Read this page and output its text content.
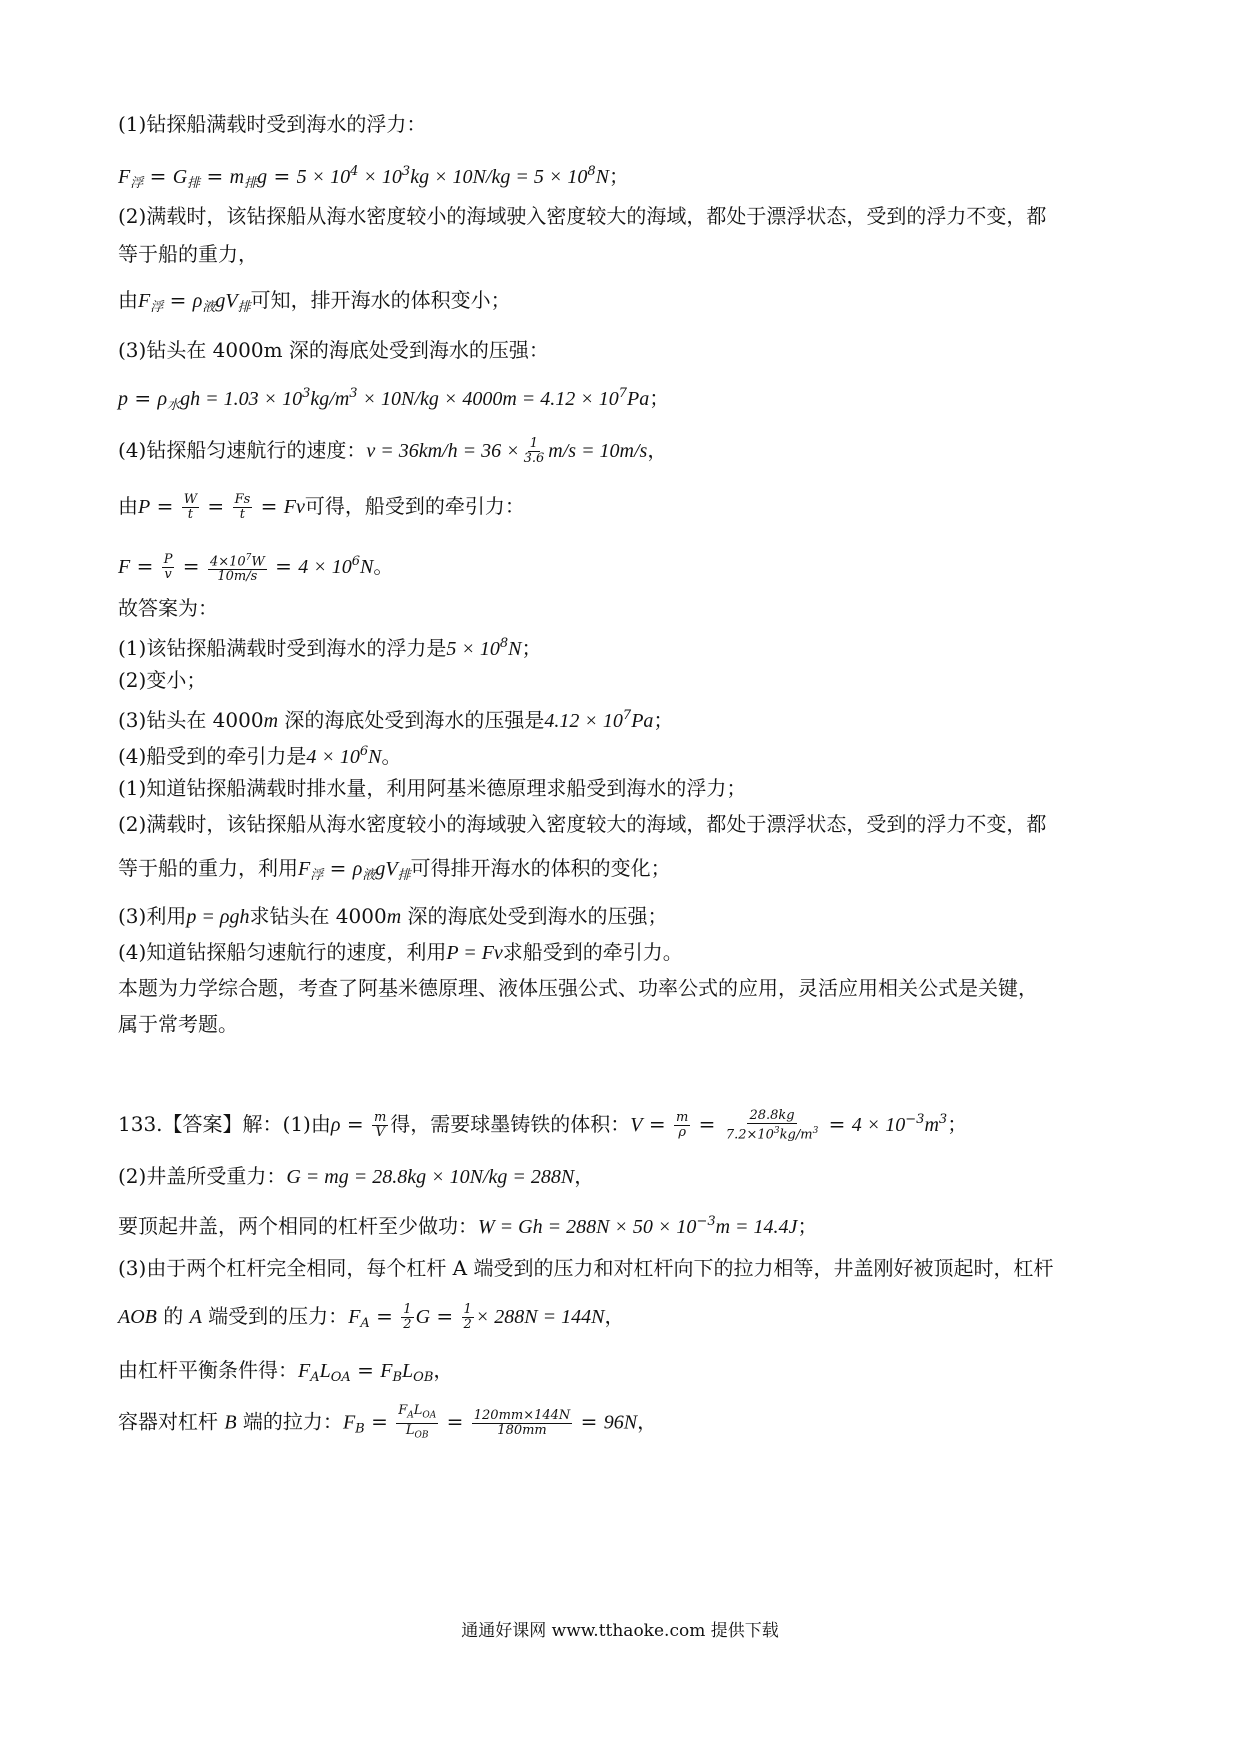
(1)钻探船满载时受到海水的浮力：
$F_浮 = G_排 = m_排g = 5 \times 10^4 \times 10^3kg \times 10N/kg = 5 \times 10^8N$；
(2)满载时，该钻探船从海水密度较小的海域驶入密度较大的海域，都处于漂浮状态，受到的浮力不变，都
等于船的重力，
由$F_浮 = \rho_液gV_排$可知，排开海水的体积变小；
(3)钻头在 4000m 深的海底处受到海水的压强：
$p = \rho_水gh = 1.03 \times 10^3kg/m^3 \times 10N/kg \times 4000m = 4.12 \times 10^7Pa$；
(4)钻探船匀速航行的速度：$v = 36km/h = 36 \times \frac{1}{3.6} m/s = 10m/s$，
由$P = \frac{W}{t} = \frac{Fs}{t} = Fv$可得，船受到的牵引力：
$F = \frac{P}{v} = \frac{4\times 10^7W}{10m/s} = 4 \times 10^6N$。
故答案为：
(1)该钻探船满载时受到海水的浮力是$5 \times 10^8N$；
(2)变小；
(3)钻头在 4000m 深的海底处受到海水的压强是$4.12 \times 10^7Pa$；
(4)船受到的牵引力是$4 \times 10^6N$。
(1)知道钻探船满载时排水量，利用阿基米德原理求船受到海水的浮力；
(2)满载时，该钻探船从海水密度较小的海域驶入密度较大的海域，都处于漂浮状态，受到的浮力不变，都
等于船的重力，利用$F_浮 = \rho_液gV_排$可得排开海水的体积的变化；
(3)利用p = ρgh求钻头在 4000m 深的海底处受到海水的压强；
(4)知道钻探船匀速航行的速度，利用P = Fv求船受到的牵引力。
本题为力学综合题，考查了阿基米德原理、液体压强公式、功率公式的应用，灵活应用相关公式是关键，
属于常考题。
133.【答案】解：(1)由$\rho = \frac{m}{V}$ 得，需要球墨铸铁的体积：$V = \frac{m}{\rho} = \frac{28.8kg}{7.2\times 10^3kg/m^3} = 4 \times 10^{-3}m^3$；
(2)井盖所受重力：G = mg = 28.8kg × 10N/kg = 288N，
要顶起井盖，两个相同的杠杆至少做功：$W = Gh = 288N \times 50 \times 10^{-3}m = 14.4J$；
(3)由于两个杠杆完全相同，每个杠杆 A 端受到的压力和对杠杆向下的拉力相等，井盖刚好被顶起时，杠杆
AOB 的 A 端受到的压力：$F_A = \frac{1}{2}$ $G = \frac{1}{2} \times 288N = 144N$，
由杠杆平衡条件得：$F_AL_{OA} = F_BL_{OB}$，
容器对杠杆 B 端的拉力：$F_B = \frac{F_AL_{OA}}{L_{OB}} = \frac{120mm\times 144N}{180mm} = 96N$，
通通好课网 www.tthaoke.com 提供下载
